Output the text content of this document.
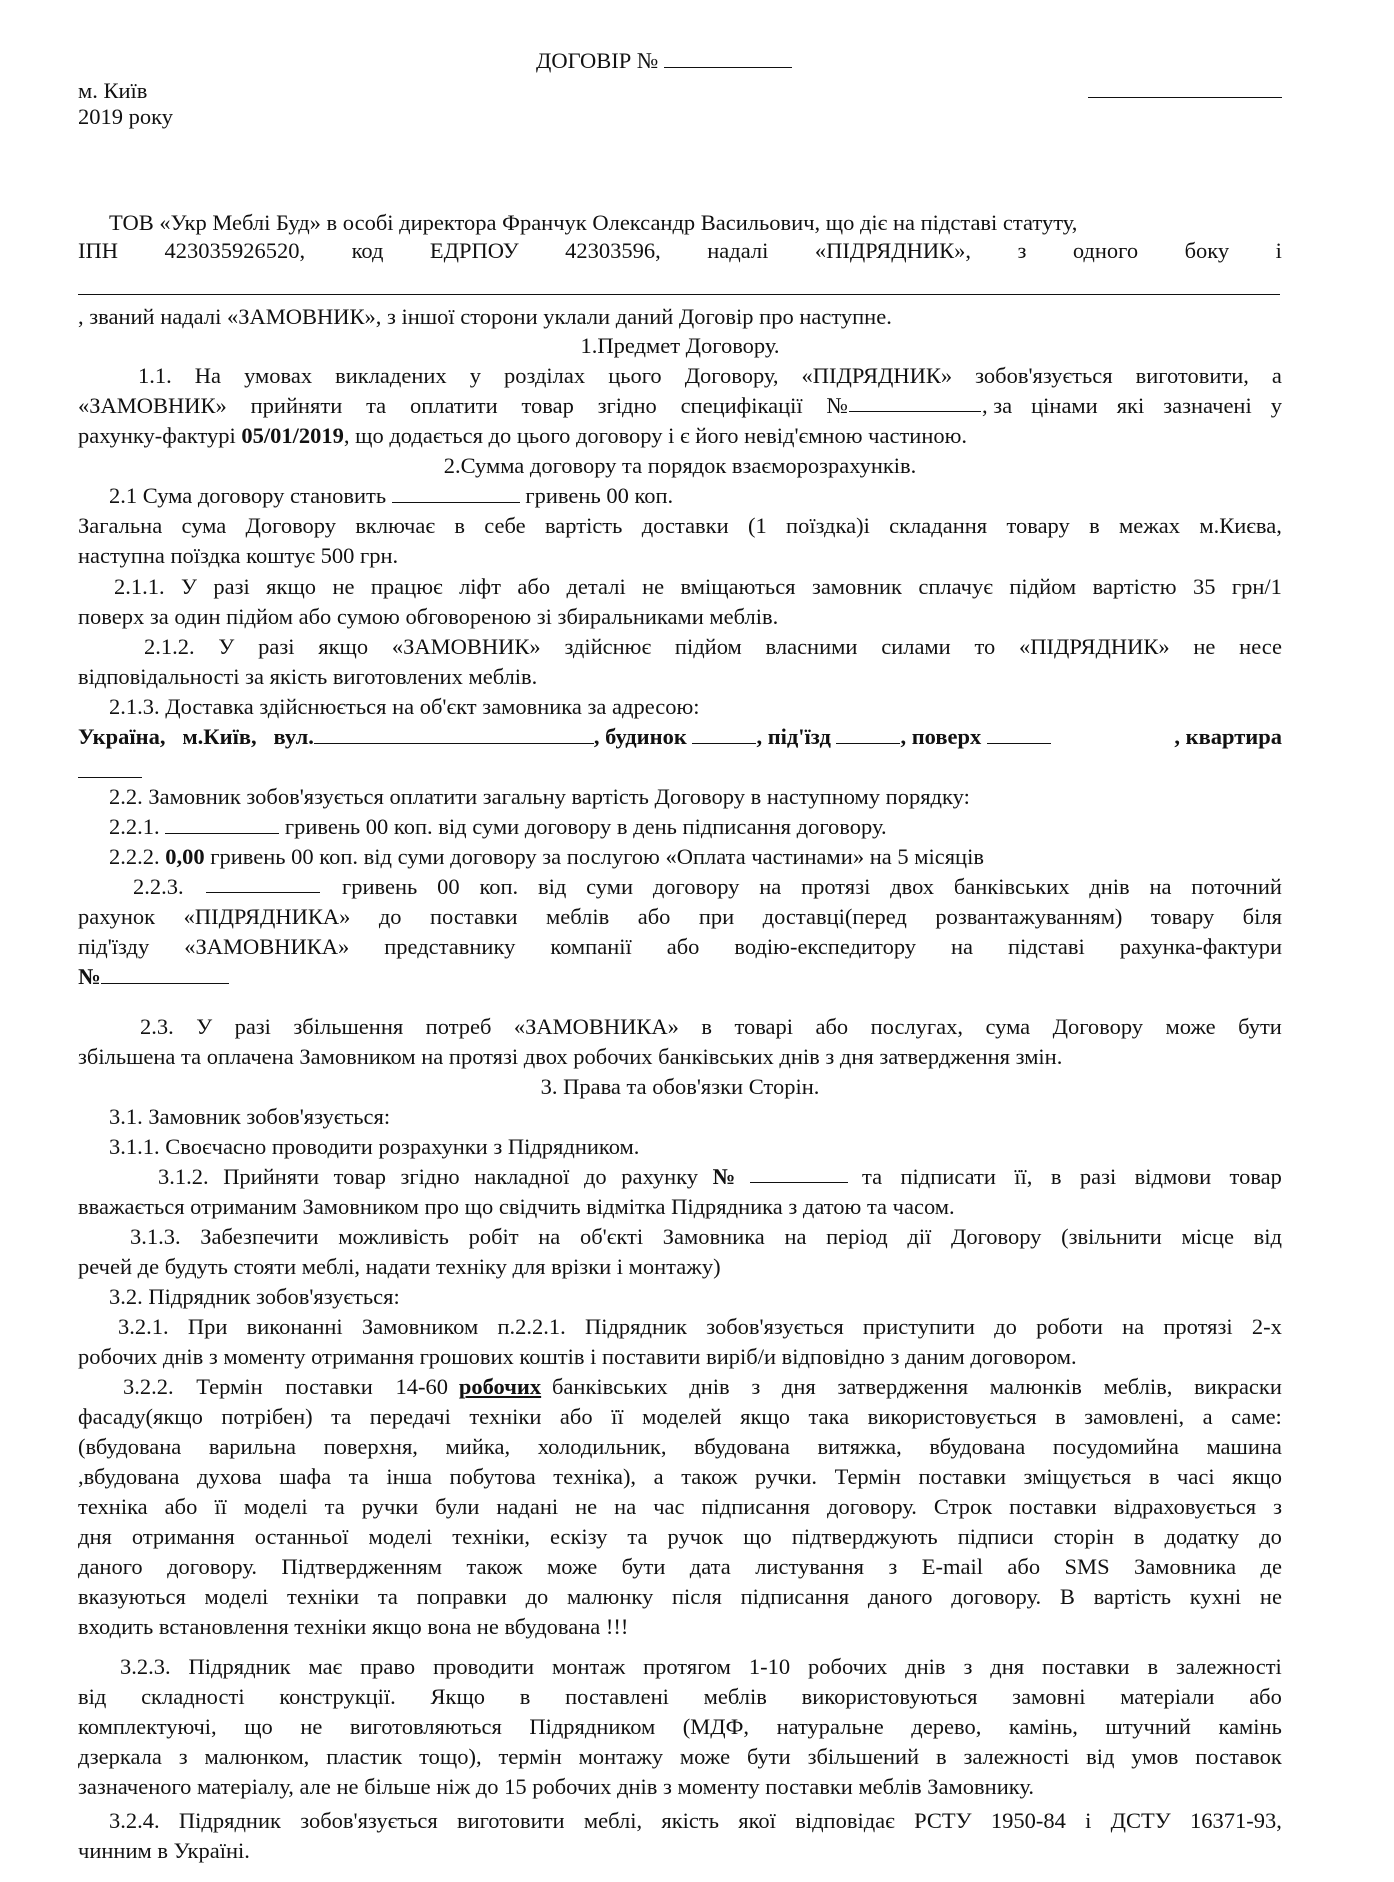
ДОГОВІР №
м. Київ
2019 року
ТОВ «Укр Меблі Буд» в особі директора Франчук Олександр Васильович, що діє на підставі статуту,
ІПН 423035926520, код ЕДРПОУ 42303596, надалі «ПІДРЯДНИК», з одного боку і
, званий надалі «ЗАМОВНИК», з іншої сторони уклали даний Договір про наступне.
1.Предмет Договору.
1.1. На умовах викладених у розділах цього Договору, «ПІДРЯДНИК» зобов'язується виготовити, а
«ЗАМОВНИК» прийняти та оплатити товар згідно специфікації №	, за цінами які зазначені у
рахунку-фактурі 05/01/2019, що додається до цього договору і є його невід'ємною частиною.
2.Сумма договору та порядок взаєморозрахунків.
2.1 Сума договору становить	гривень 00 коп.
Загальна сума Договору включає в себе вартість доставки (1 поїздка)і складання товару в межах м.Києва,
наступна поїздка коштує 500 грн.
2.1.1. У разі якщо не працює ліфт або деталі не вміщаються замовник сплачує підйом вартістю 35 грн/1
поверх за один підйом або сумою обговореною зі збиральниками меблів.
2.1.2. У разі якщо «ЗАМОВНИК» здійснює підйом власними силами то «ПІДРЯДНИК» не несе
відповідальності за якість виготовлених меблів.
2.1.3. Доставка здійснюється на об'єкт замовника за адресою:
Україна,
м.Київ,
вул.	, будинок
	, під'їзд
	, поверх
	, квартира
2.2. Замовник зобов'язується оплатити загальну вартість Договору в наступному порядку:
2.2.1.	гривень 00 коп. від суми договору в день підписання договору.
2.2.2. 0,00 гривень 00 коп. від суми договору за послугою «Оплата частинами» на 5 місяців
2.2.3.	гривень 00 коп. від суми договору на протязі двох банківських днів на поточний
рахунок «ПІДРЯДНИКА» до поставки меблів або при доставці(перед розвантажуванням) товару біля
під'їзду «ЗАМОВНИКА» представнику компанії або водію-експедитору на підставі рахунка-фактури
№
2.3. У разі збільшення потреб «ЗАМОВНИКА» в товарі або послугах, сума Договору може бути
збільшена та оплачена Замовником на протязі двох робочих банківських днів з дня затвердження змін.
3. Права та обов'язки Сторін.
3.1. Замовник зобов'язується:
3.1.1. Своєчасно проводити розрахунки з Підрядником.
3.1.2. Прийняти товар згідно накладної до рахунку №	та підписати її, в разі відмови товар
вважається отриманим Замовником про що свідчить відмітка Підрядника з датою та часом.
3.1.3. Забезпечити можливість робіт на об'єкті Замовника на період дії Договору (звільнити місце від
речей де будуть стояти меблі, надати техніку для врізки і монтажу)
3.2. Підрядник зобов'язується:
3.2.1. При виконанні Замовником п.2.2.1. Підрядник зобов'язується приступити до роботи на протязі 2-х
робочих днів з моменту отримання грошових коштів і поставити виріб/и відповідно з даним договором.
3.2.2. Термін поставки 14-60 робочих банківських днів з дня затвердження малюнків меблів, викраски
фасаду(якщо потрібен) та передачі техніки або її моделей якщо така використовується в замовлені, а саме:
(вбудована варильна поверхня, мийка, холодильник, вбудована витяжка, вбудована посудомийна машина
,вбудована духова шафа та інша побутова техніка), а також ручки. Термін поставки зміщується в часі якщо
техніка або її моделі та ручки були надані не на час підписання договору. Строк поставки відраховується з
дня отримання останньої моделі техніки, ескізу та ручок що підтверджують підписи сторін в додатку до
даного договору. Підтвердженням також може бути дата листування з E-mail або SMS Замовника де
вказуються моделі техніки та поправки до малюнку після підписання даного договору. В вартість кухні не
входить встановлення техніки якщо вона не вбудована !!!
3.2.3. Підрядник має право проводити монтаж протягом 1-10 робочих днів з дня поставки в залежності
від складності конструкції. Якщо в поставлені меблів використовуються замовні матеріали або
комплектуючі, що не виготовляються Підрядником (МДФ, натуральне дерево, камінь, штучний камінь
дзеркала з малюнком, пластик тощо), термін монтажу може бути збільшений в залежності від умов поставок
зазначеного матеріалу, але не більше ніж до 15 робочих днів з моменту поставки меблів Замовнику.
3.2.4. Підрядник зобов'язується виготовити меблі, якість якої відповідає РСТУ 1950-84 і ДСТУ 16371-93,
чинним в Україні.
